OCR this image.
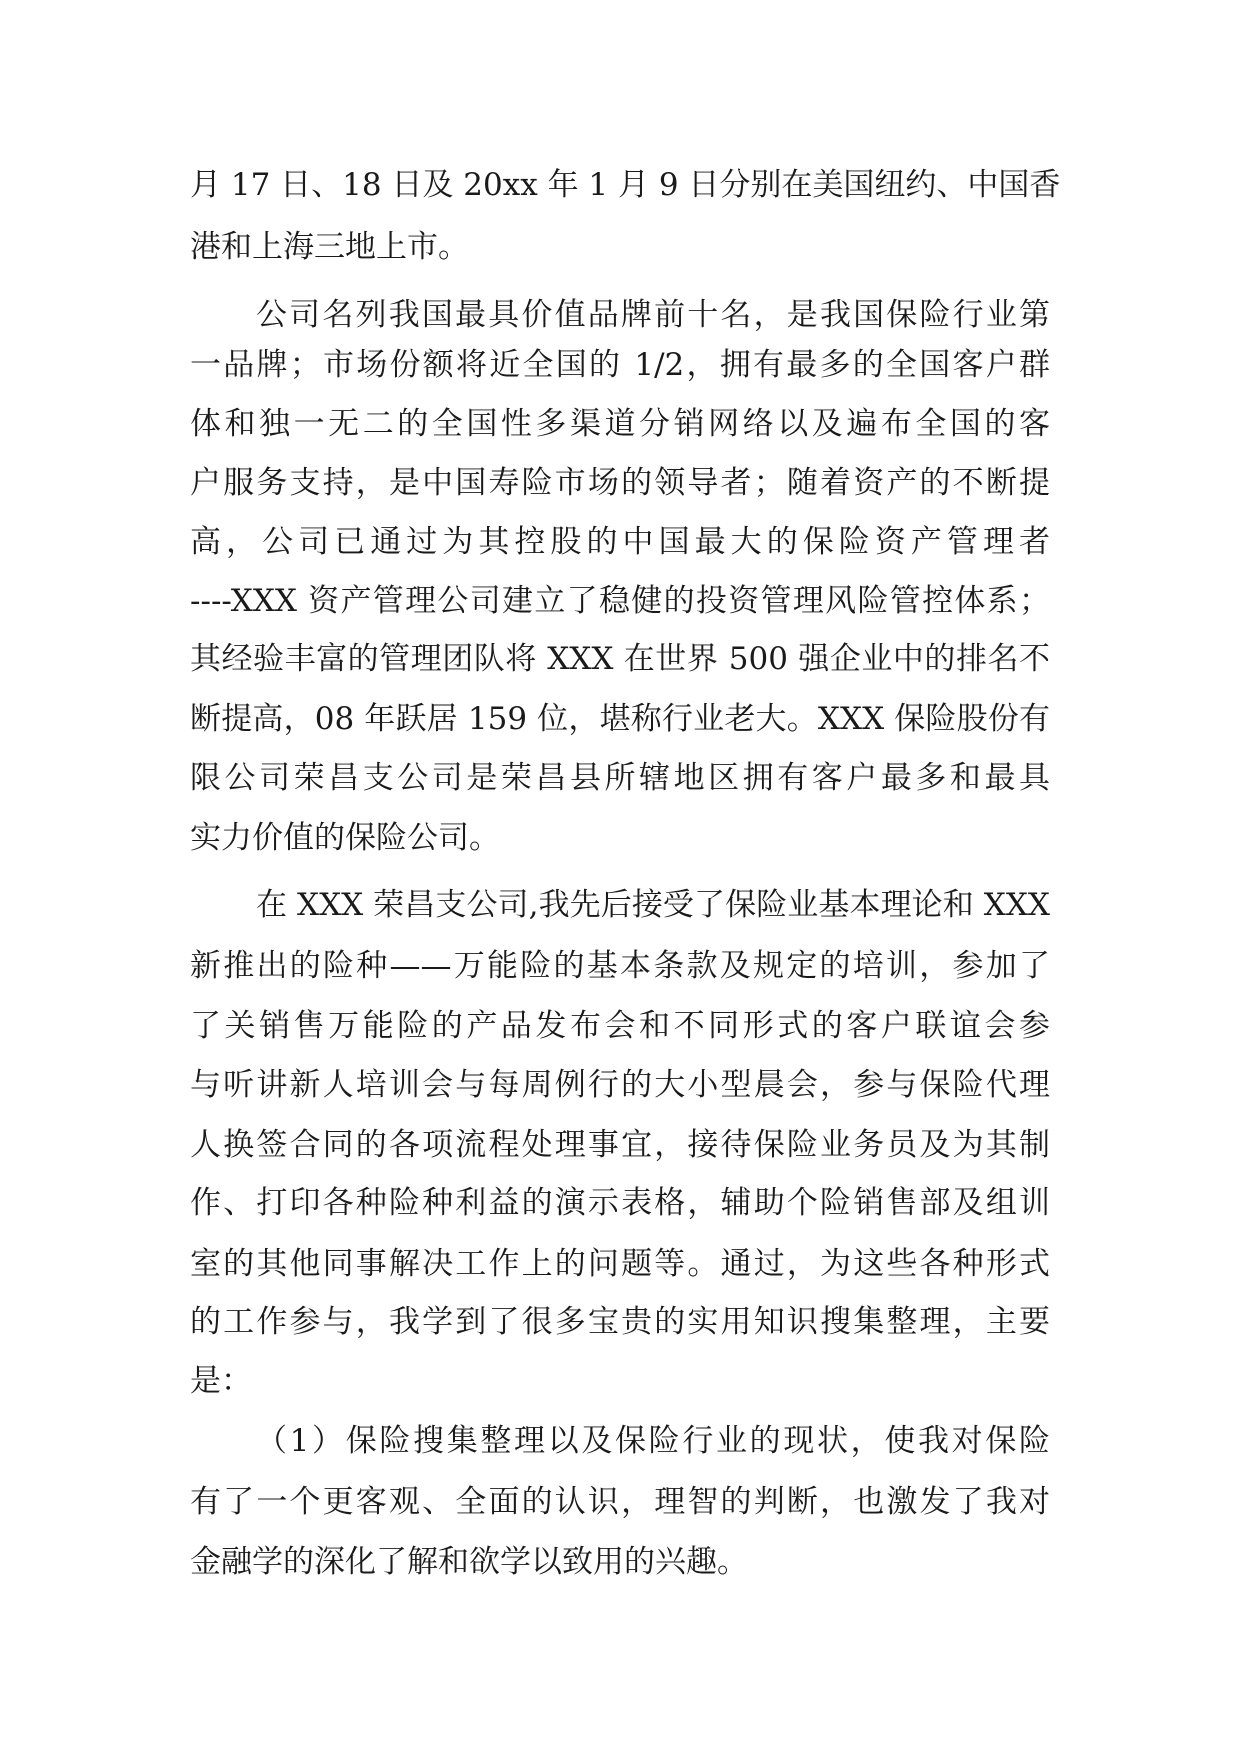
月 17 日、18 日及 20xx 年 1 月 9 日分别在美国纽约、中国香
港和上海三地上市。
公司名列我国最具价值品牌前十名，是我国保险行业第
一品牌；市场份额将近全国的 1/2，拥有最多的全国客户群
体和独一无二的全国性多渠道分销网络以及遍布全国的客
户服务支持，是中国寿险市场的领导者；随着资产的不断提
高，公司已通过为其控股的中国最大的保险资产管理者
----XXX 资产管理公司建立了稳健的投资管理风险管控体系；
其经验丰富的管理团队将 XXX 在世界 500 强企业中的排名不
断提高，08 年跃居 159 位，堪称行业老大。XXX 保险股份有
限公司荣昌支公司是荣昌县所辖地区拥有客户最多和最具
实力价值的保险公司。
在 XXX 荣昌支公司,我先后接受了保险业基本理论和 XXX
新推出的险种——万能险的基本条款及规定的培训，参加了
了关销售万能险的产品发布会和不同形式的客户联谊会参
与听讲新人培训会与每周例行的大小型晨会，参与保险代理
人换签合同的各项流程处理事宜，接待保险业务员及为其制
作、打印各种险种利益的演示表格，辅助个险销售部及组训
室的其他同事解决工作上的问题等。通过，为这些各种形式
的工作参与，我学到了很多宝贵的实用知识搜集整理，主要
是：
（1）保险搜集整理以及保险行业的现状，使我对保险
有了一个更客观、全面的认识，理智的判断，也激发了我对
金融学的深化了解和欲学以致用的兴趣。
